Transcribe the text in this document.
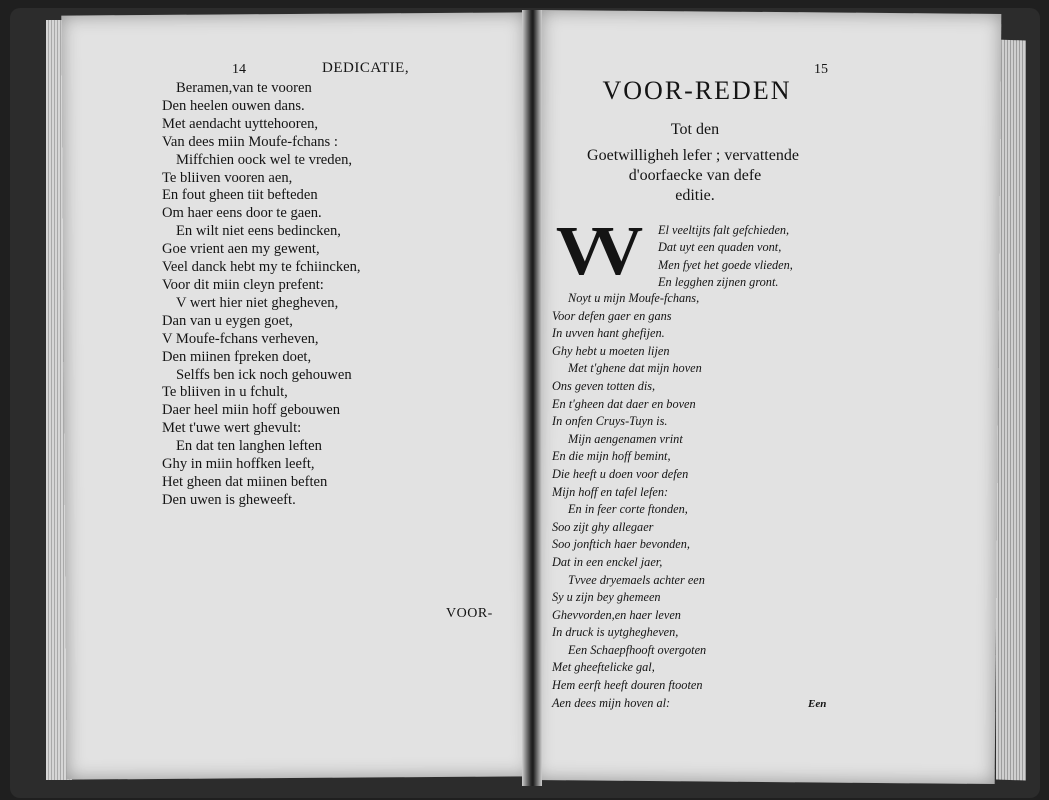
14	DEDICATIE,
Beramen,van te vooren
Den heelen ouwen dans.
Met aendacht uyttehooren,
Van dees miin Moufe-fchans :
Miffchien oock wel te vreden,
Te bliiven vooren aen,
En fout gheen tiit befteden
Om haer eens door te gaen.
En wilt niet eens bedincken,
Goe vrient aen my gewent,
Veel danck hebt my te fchiincken,
Voor dit miin cleyn prefent:
V wert hier niet ghegheven,
Dan van u eygen goet,
V Moufe-fchans verheven,
Den miinen fpreken doet,
Selffs ben ick noch gehouwen
Te bliiven in u fchult,
Daer heel miin hoff gebouwen
Met t'uwe wert ghevult:
En dat ten langhen leften
Ghy in miin hoffken leeft,
Het gheen dat miinen beften
Den uwen is gheweeft.
VOOR-
15
VOOR-REDEN
Tot den
Goetwilligheh lefer ; vervattende
d'oorfaecke van defe
editie.
VV El veeltijts falt gefchieden,
Dat uyt een quaden vont,
Men fyet het goede vlieden,
En legghen zijnen gront.
Noyt u mijn Moufe-fchans,
Voor defen gaer en gans
In uvven hant ghefijen.
Ghy hebt u moeten lijen
Met t'ghene dat mijn hoven
Ons geven totten dis,
En t'gheen dat daer en boven
In onfen Cruys-Tuyn is.
Mijn aengenamen vrint
En die mijn hoff bemint,
Die heeft u doen voor defen
Mijn hoff en tafel lefen:
En in feer corte ftonden,
Soo zijt ghy allegaer
Soo jonftich haer bevonden,
Dat in een enckel jaer,
Tvvee dryemaels achter een
Sy u zijn bey ghemeen
Ghevvorden,en haer leven
In druck is uytghegheven,
Een Schaepfhooft overgoten
Met gheeftelicke gal,
Hem eerft heeft douren ftooten
Aen dees mijn hoven al:	Een
